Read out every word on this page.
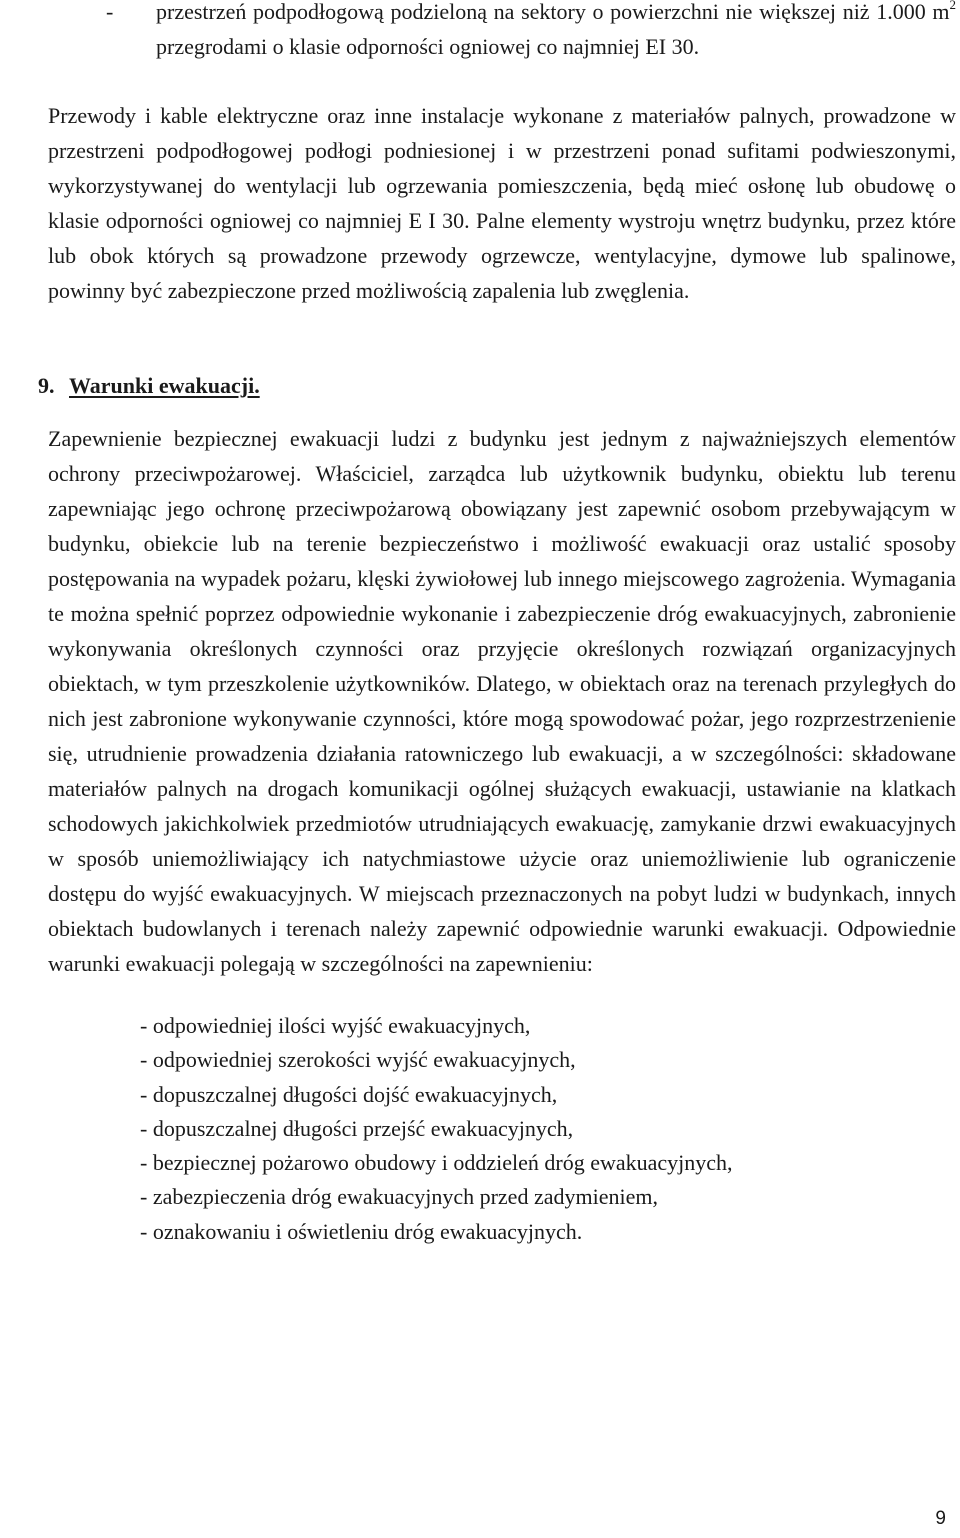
- przestrzeń podpodłogową podzieloną na sektory o powierzchni nie większej niż 1.000 $m^2$ przegrodami o klasie odporności ogniowej co najmniej EI 30.

Przewody i kable elektryczne oraz inne instalacje wykonane z materiałów palnych, prowadzone w przestrzeni podpodłogowej podłogi podniesionej i w przestrzeni ponad sufitami podwieszonymi, wykorzystywanej do wentylacji lub ogrzewania pomieszczenia, będą mieć osłonę lub obudowę o klasie odporności ogniowej co najmniej E I 30. Palne elementy wystroju wnętrz budynku, przez które lub obok których są prowadzone przewody ogrzewcze, wentylacyjne, dymowe lub spalinowe, powinny być zabezpieczone przed możliwością zapalenia lub zwęglenia.

9. Warunki ewakuacji.

Zapewnienie bezpiecznej ewakuacji ludzi z budynku jest jednym z najważniejszych elementów ochrony przeciwpożarowej. Właściciel, zarządca lub użytkownik budynku, obiektu lub terenu zapewniając jego ochronę przeciwpożarową obowiązany jest zapewnić osobom przebywającym w budynku, obiekcie lub na terenie bezpieczeństwo i możliwość ewakuacji oraz ustalić sposoby postępowania na wypadek pożaru, klęski żywiołowej lub innego miejscowego zagrożenia. Wymagania te można spełnić poprzez odpowiednie wykonanie i zabezpieczenie dróg ewakuacyjnych, zabronienie wykonywania określonych czynności oraz przyjęcie określonych rozwiązań organizacyjnych obiektach, w tym przeszkolenie użytkowników. Dlatego, w obiektach oraz na terenach przyległych do nich jest zabronione wykonywanie czynności, które mogą spowodować pożar, jego rozprzestrzenienie się, utrudnienie prowadzenia działania ratowniczego lub ewakuacji, a w szczególności: składowane materiałów palnych na drogach komunikacji ogólnej służących ewakuacji, ustawianie na klatkach schodowych jakichkolwiek przedmiotów utrudniających ewakuację, zamykanie drzwi ewakuacyjnych w sposób uniemożliwiający ich natychmiastowe użycie oraz uniemożliwienie lub ograniczenie dostępu do wyjść ewakuacyjnych. W miejscach przeznaczonych na pobyt ludzi w budynkach, innych obiektach budowlanych i terenach należy zapewnić odpowiednie warunki ewakuacji. Odpowiednie warunki ewakuacji polegają w szczególności na zapewnieniu:

- odpowiedniej ilości wyjść ewakuacyjnych,
- odpowiedniej szerokości wyjść ewakuacyjnych,
- dopuszczalnej długości dojść ewakuacyjnych,
- dopuszczalnej długości przejść ewakuacyjnych,
- bezpiecznej pożarowo obudowy i oddzieleń dróg ewakuacyjnych,
- zabezpieczenia dróg ewakuacyjnych przed zadymieniem,
- oznakowaniu i oświetleniu dróg ewakuacyjnych.
9
